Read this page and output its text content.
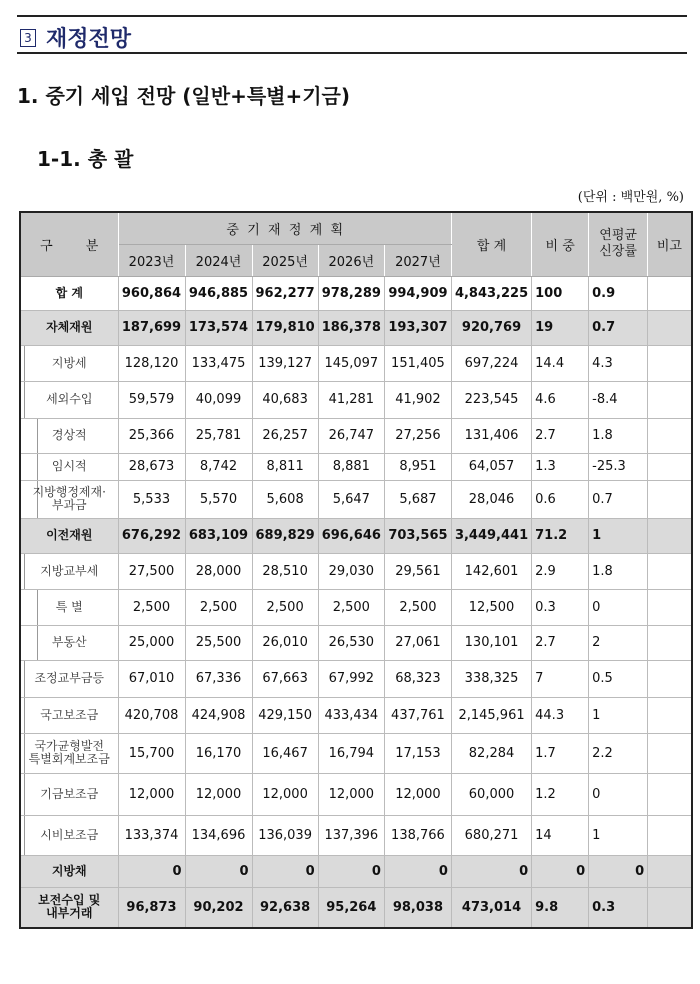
3 재정전망
1. 중기 세입 전망 (일반+특별+기금)
1-1. 총 괄
(단위 : 백만원, %)
구        분	중  기  재  정  계  획					합 계	비 중	연평균
신장률	비고
	2023년	2024년	2025년	2026년	2027년				
합 계	960,864	946,885	962,277	978,289	994,909	4,843,225	100	0.9	
자체재원	187,699	173,574	179,810	186,378	193,307	920,769	19	0.7	
지방세	128,120	133,475	139,127	145,097	151,405	697,224	14.4	4.3	
세외수입	59,579	40,099	40,683	41,281	41,902	223,545	4.6	-8.4	
경상적	25,366	25,781	26,257	26,747	27,256	131,406	2.7	1.8	
임시적	28,673	8,742	8,811	8,881	8,951	64,057	1.3	-25.3	
지방행정제재·
부과금	5,533	5,570	5,608	5,647	5,687	28,046	0.6	0.7	
이전재원	676,292	683,109	689,829	696,646	703,565	3,449,441	71.2	1	
지방교부세	27,500	28,000	28,510	29,030	29,561	142,601	2.9	1.8	
특 별	2,500	2,500	2,500	2,500	2,500	12,500	0.3	0	
부동산	25,000	25,500	26,010	26,530	27,061	130,101	2.7	2	
조정교부금등	67,010	67,336	67,663	67,992	68,323	338,325	7	0.5	
국고보조금	420,708	424,908	429,150	433,434	437,761	2,145,961	44.3	1	
국가균형발전
특별회계보조금	15,700	16,170	16,467	16,794	17,153	82,284	1.7	2.2	
기금보조금	12,000	12,000	12,000	12,000	12,000	60,000	1.2	0	
시비보조금	133,374	134,696	136,039	137,396	138,766	680,271	14	1	
지방채	0	0	0	0	0	0	0	0	
보전수입 및
내부거래	96,873	90,202	92,638	95,264	98,038	473,014	9.8	0.3	
